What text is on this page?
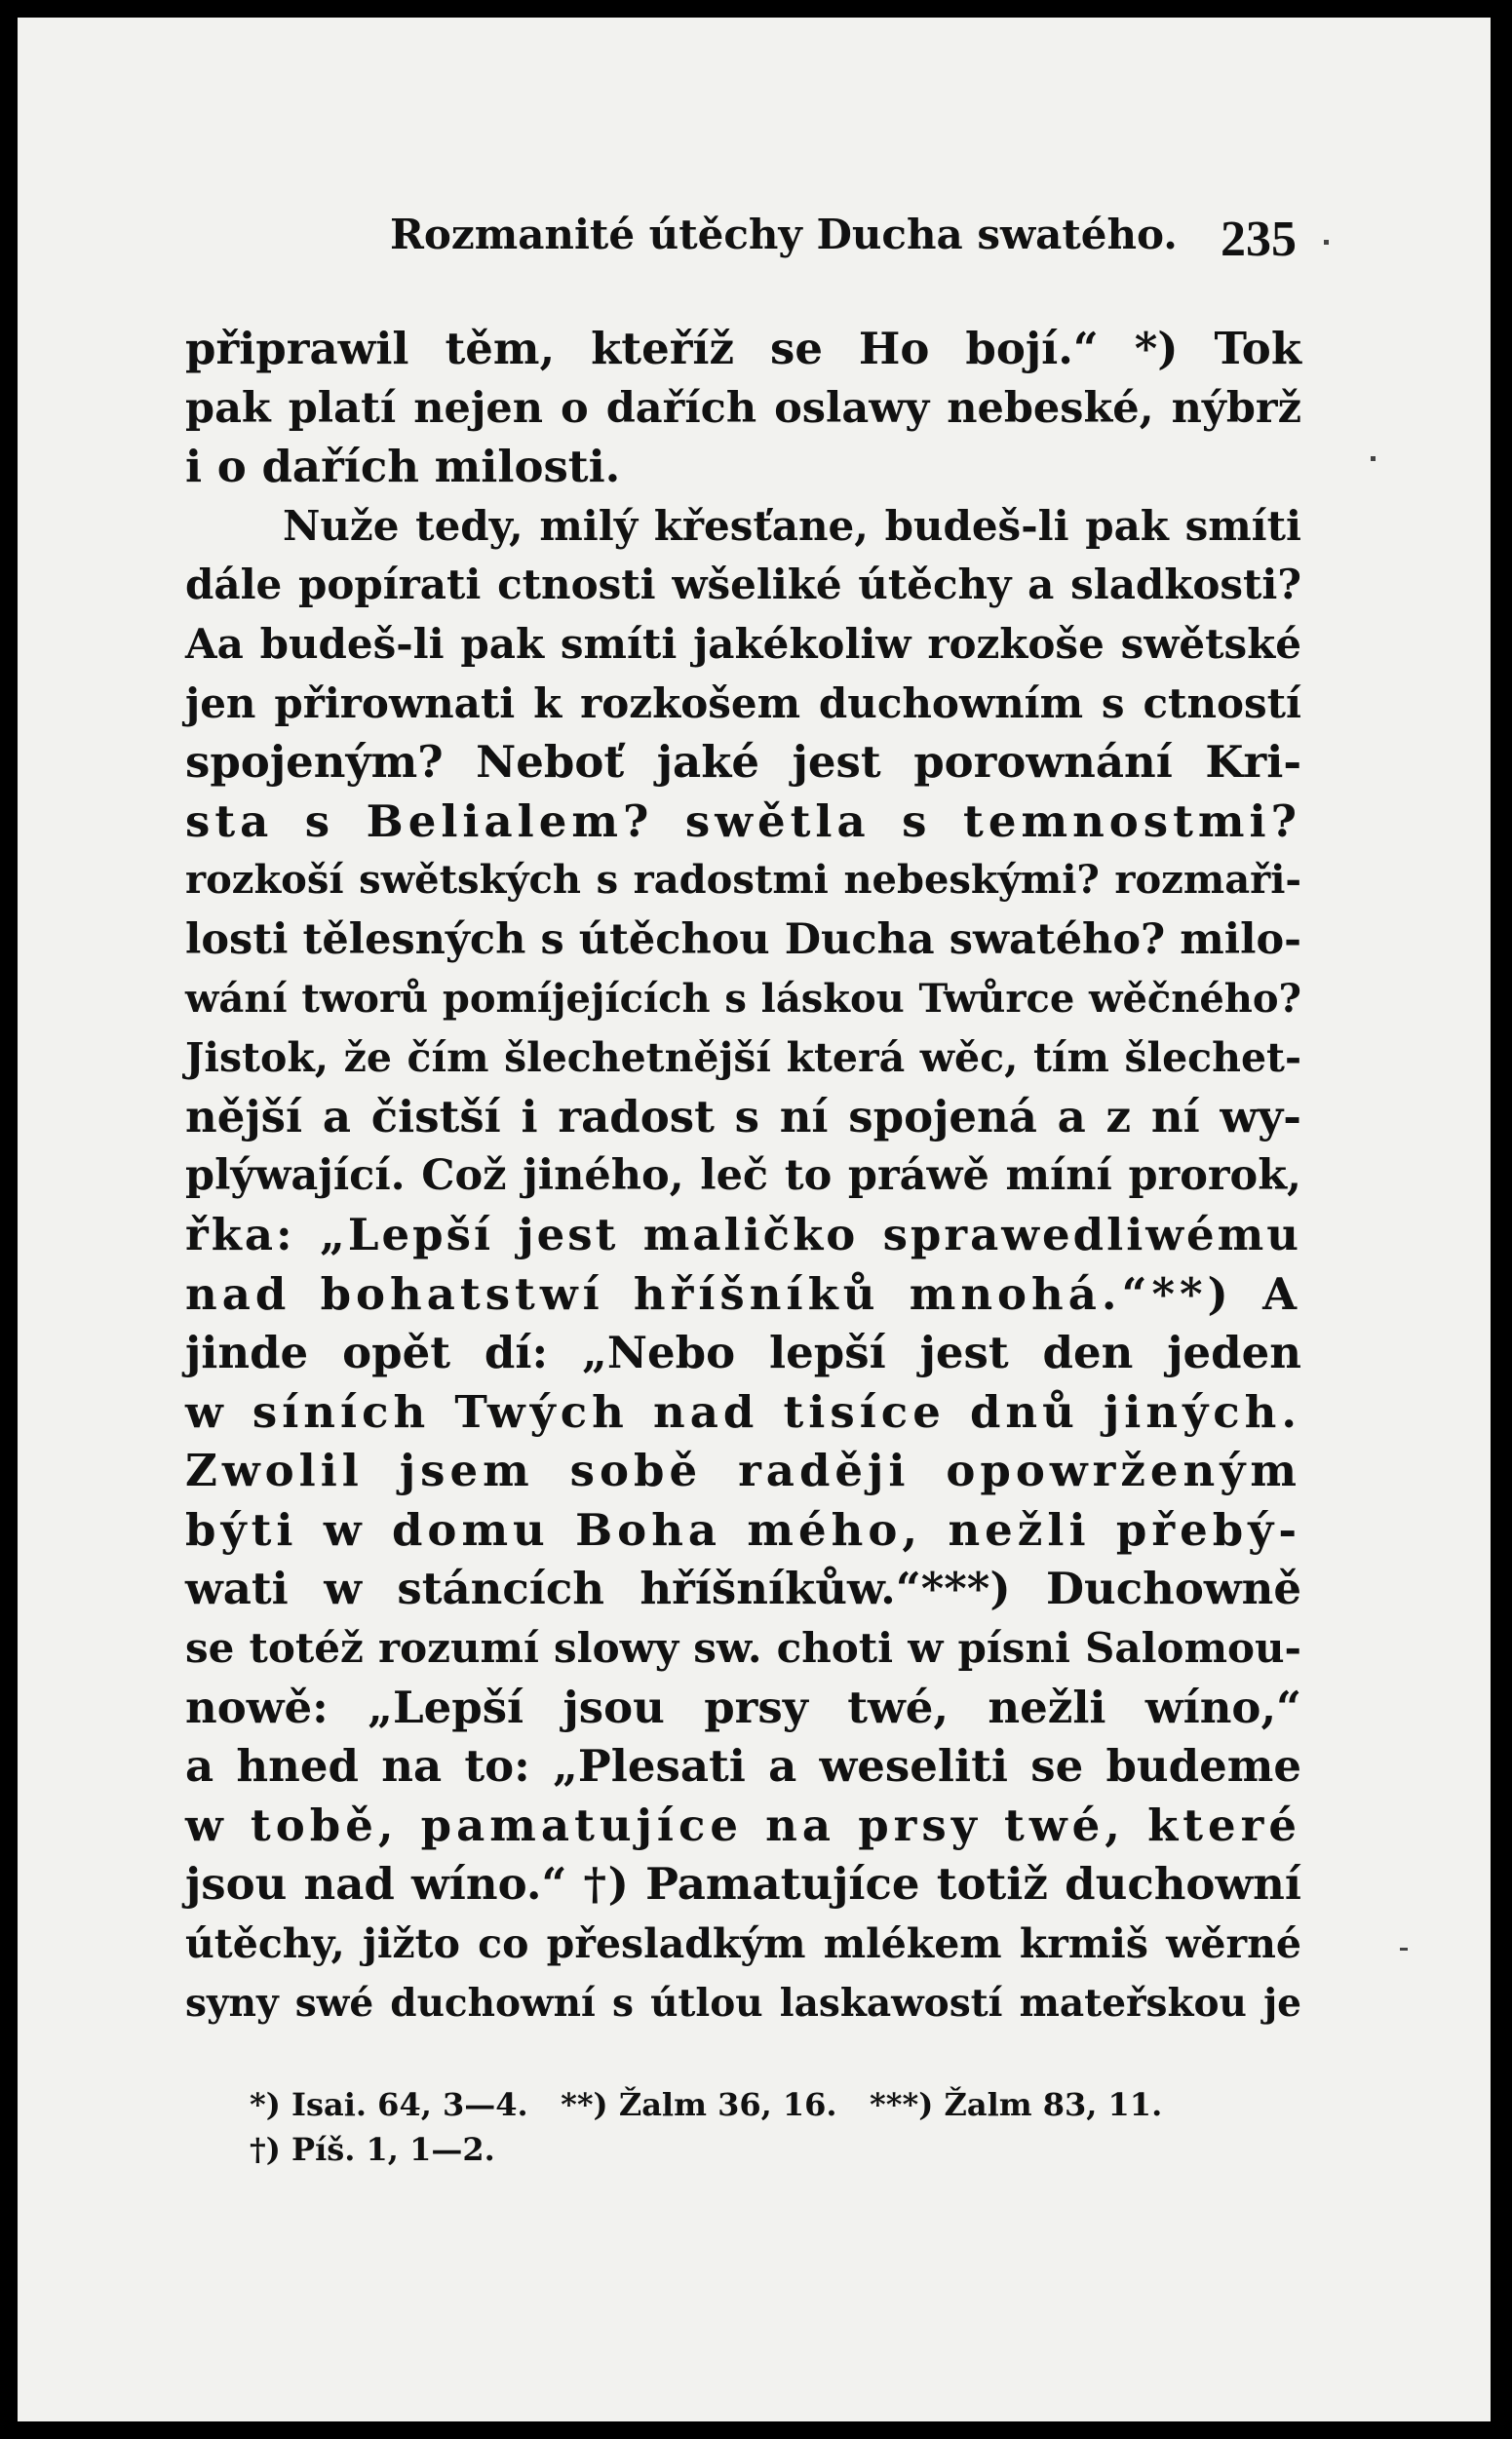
Rozmanité útěchy Ducha swatého. 235
připrawil těm, kteříž se Ho bojí.“ *) Tok
pak platí nejen o dařích oslawy nebeské, nýbrž
i o dařích milosti.
Nuže tedy, milý křesťane, budeš-li pak smíti
dále popírati ctnosti wšeliké útěchy a sladkosti?
Aa budeš-li pak smíti jakékoliw rozkoše swětské
jen přirownati k rozkošem duchowním s ctností
spojeným? Neboť jaké jest porownání Kri-
sta s Belialem? swětla s temnostmi?
rozkoší swětských s radostmi nebeskými? rozmaři-
losti tělesných s útěchou Ducha swatého? milo-
wání tworů pomíjejících s láskou Twůrce wěčného?
Jistok, že čím šlechetnější která wěc, tím šlechet-
nější a čistší i radost s ní spojená a z ní wy-
plýwající. Což jiného, leč to práwě míní prorok,
řka: „Lepší jest maličko sprawedliwému
nad bohatstwí hříšníků mnohá.“**) A
jinde opět dí: „Nebo lepší jest den jeden
w síních Twých nad tisíce dnů jiných.
Zwolil jsem sobě raději opowrženým
býti w domu Boha mého, nežli přebý-
wati w stáncích hříšníkůw.“***) Duchowně
se totéž rozumí slowy sw. choti w písni Salomou-
nowě: „Lepší jsou prsy twé, nežli wíno,“
a hned na to: „Plesati a weseliti se budeme
w tobě, pamatujíce na prsy twé, které
jsou nad wíno.“ †) Pamatujíce totiž duchowní
útěchy, jižto co přesladkým mlékem krmiš wěrné
syny swé duchowní s útlou laskawostí mateřskou je
*) Isai. 64, 3—4.   **) Žalm 36, 16.   ***) Žalm 83, 11.
†) Píš. 1, 1—2.
